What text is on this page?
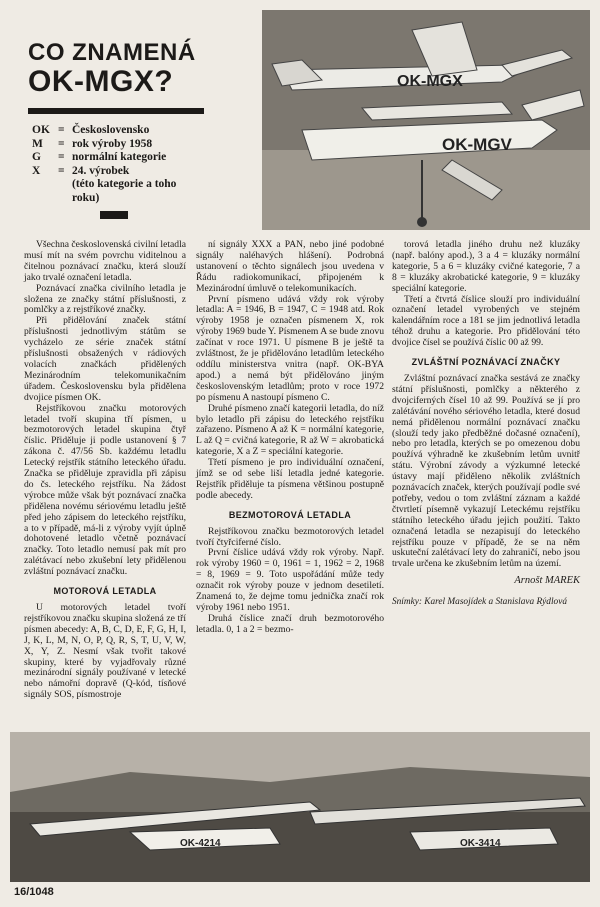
CO ZNAMENÁ
OK-MGX?
OK = Československo
M	= rok výroby 1958
G	= normální kategorie
X	= 24. výrobek
(této kategorie a toho
roku)
OK-MGX
OK-MGV

Všechna československá civilní letadla musí mít na svém povrchu viditelnou a čitelnou poznávací značku, která slouží jako trvalé označení letadla.

Poznávací značka civilního letadla je složena ze značky státní příslušnosti, z pomlčky a z rejstříkové značky.

Při přidělování značek státní příslušnosti jednotlivým státům se vycházelo ze série značek státní příslušnosti obsažených v rádiových volacích značkách přidělených Mezinárodním telekomunikačním úřadem. Československu byla přidělena dvojice písmen OK.

Rejstříkovou značku motorových letadel tvoří skupina tří písmen, u bezmotorových letadel skupina čtyř číslic. Přiděluje ji podle ustanovení § 7 zákona č. 47/56 Sb. každému letadlu Letecký rejstřík státního leteckého úřadu. Značka se přiděluje zpravidla při zápisu do čs. leteckého rejstříku. Na žádost výrobce může však být poznávací značka přidělena novému sériovému letadlu ještě před jeho zápisem do leteckého rejstříku, a to v případě, má-li z výroby vyjít úplně dohotovené letadlo včetně poznávací značky. Toto letadlo nemusí pak mít pro zalétávací nebo zkušební lety přidělenou zvláštní poznávací značku.

MOTOROVÁ LETADLA

U motorových letadel tvoří rejstříkovou značku skupina složená ze tří písmen abecedy: A, B, C, D, E, F, G, H, I, J, K, L, M, N, O, P, Q, R, S, T, U, V, W, X, Y, Z. Nesmí však tvořit takové skupiny, které by vyjadřovaly různé mezinárodní signály používané v letecké nebo námořní dopravě (Q-kód, tísňové signály SOS, písmostroje

ní signály XXX a PAN, nebo jiné podobné signály naléhavých hlášení). Podrobná ustanovení o těchto signálech jsou uvedena v Řádu radiokomunikací, připojeném k Mezinárodní úmluvě o telekomunikacích.

První písmeno udává vždy rok výroby letadla: A = 1946, B = 1947, C = 1948 atd. Rok výroby 1958 je označen písmenem X, rok výroby 1969 bude Y. Písmenem A se bude znovu začínat v roce 1971. U písmene B je ještě ta zvláštnost, že je přidělováno letadlům leteckého oddílu ministerstva vnitra (např. OK-BYA apod.) a nemá být přidělováno jiným československým letadlům; proto v roce 1972 po písmenu A nastoupí písmeno C.

Druhé písmeno značí kategorii letadla, do níž bylo letadlo při zápisu do leteckého rejstříku zařazeno. Písmeno A až K = normální kategorie, L až Q = cvičná kategorie, R až W = akrobatická kategorie, X a Z = speciální kategorie.

Třetí písmeno je pro individuální označení, jímž se od sebe liší letadla jedné kategorie. Rejstřík přiděluje ta písmena většinou postupně podle abecedy.

BEZMOTOROVÁ LETADLA

Rejstříkovou značku bezmotorových letadel tvoří čtyřciferné číslo.

První číslice udává vždy rok výroby. Např. rok výroby 1960 = 0, 1961 = 1, 1962 = 2, 1968 = 8, 1969 = 9. Toto uspořádání může tedy označit rok výroby pouze v jednom desetiletí. Znamená to, že dejme tomu jednička značí rok výroby 1961 nebo 1951.

Druhá číslice značí druh bezmotorového letadla. 0, 1 a 2 = bezmo-

torová letadla jiného druhu než kluzáky (např. balóny apod.), 3 a 4 = kluzáky normální kategorie, 5 a 6 = kluzáky cvičné kategorie, 7 a 8 = kluzáky akrobatické kategorie, 9 = kluzáky speciální kategorie.

Třetí a čtvrtá číslice slouží pro individuální označení letadel vyrobených ve stejném kalendářním roce a 181 se jim jednotlivá letadla téhož druhu a kategorie. Pro přidělování této dvojice čísel se používá číslic 00 až 99.

ZVLÁŠTNÍ POZNÁVACÍ ZNAČKY

Zvláštní poznávací značka sestává ze značky státní příslušnosti, pomlčky a některého z dvojciferných čísel 10 až 99. Používá se jí pro zalétávání nového sériového letadla, které dosud nemá přidělenou normální poznávací značku (slouží tedy jako předběžné dočasné označení), nebo pro letadla, kterých se po omezenou dobu používá výhradně ke zkušebním letům uvnitř státu. Výrobní závody a výzkumné letecké ústavy mají přiděleno několik zvláštních poznávacích značek, kterých používají podle své potřeby, vedou o tom zvláštní záznam a každé čtvrtletí písemně vykazují Leteckému rejstříku státního leteckého úřadu jejich použití. Takto označená letadla se nezapisují do leteckého rejstříku pouze v případě, že se na něm uskuteční zalétávací lety do zahraničí, nebo jsou trvale určena ke zkušebním letům na území.

Arnošt MAREK

Snímky: Karel Masojídek a Stanislava Rýdlová

OK-4214	OK-3414
16/1048
